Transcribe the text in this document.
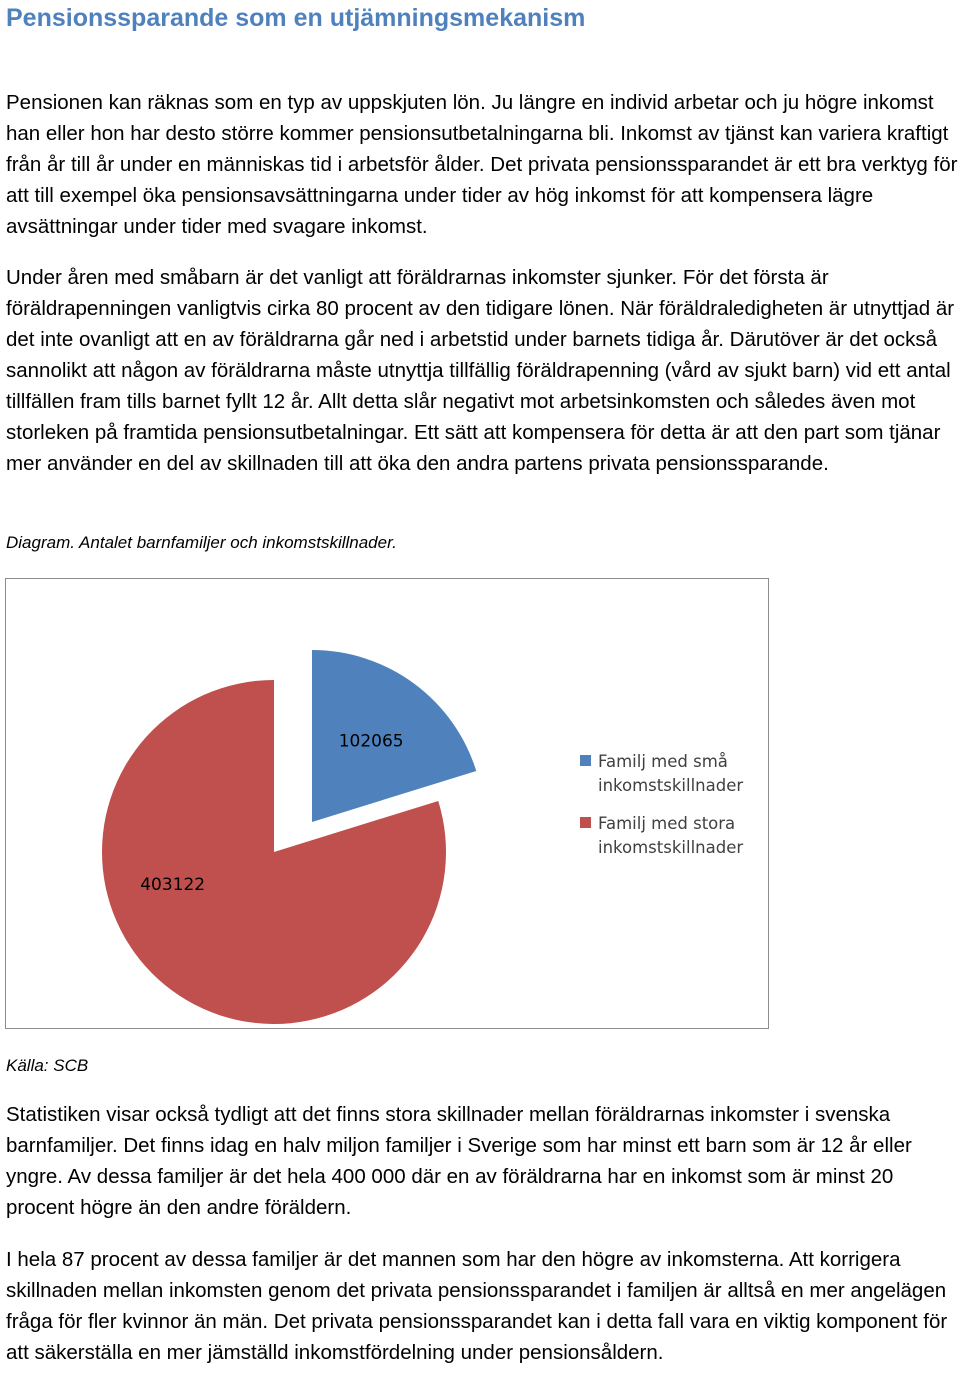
Pensionssparande som en utjämningsmekanism

Pensionen kan räknas som en typ av uppskjuten lön. Ju längre en individ arbetar och ju högre inkomst han eller hon har desto större kommer pensionsutbetalningarna bli. Inkomst av tjänst kan variera kraftigt från år till år under en människas tid i arbetsför ålder. Det privata pensionssparandet är ett bra verktyg för att till exempel öka pensionsavsättningarna under tider av hög inkomst för att kompensera lägre avsättningar under tider med svagare inkomst.

Under åren med småbarn är det vanligt att föräldrarnas inkomster sjunker. För det första är föräldrapenningen vanligtvis cirka 80 procent av den tidigare lönen. När föräldraledigheten är utnyttjad är det inte ovanligt att en av föräldrarna går ned i arbetstid under barnets tidiga år. Därutöver är det också sannolikt att någon av föräldrarna måste utnyttja tillfällig föräldrapenning (vård av sjukt barn) vid ett antal tillfällen fram tills barnet fyllt 12 år. Allt detta slår negativt mot arbetsinkomsten och således även mot storleken på framtida pensionsutbetalningar. Ett sätt att kompensera för detta är att den part som tjänar mer använder en del av skillnaden till att öka den andra partens privata pensionssparande.

Diagram. Antalet barnfamiljer och inkomstskillnader.

102065
403122
Familj med små inkomstskillnader
Familj med stora inkomstskillnader

Källa: SCB

Statistiken visar också tydligt att det finns stora skillnader mellan föräldrarnas inkomster i svenska barnfamiljer. Det finns idag en halv miljon familjer i Sverige som har minst ett barn som är 12 år eller yngre. Av dessa familjer är det hela 400 000 där en av föräldrarna har en inkomst som är minst 20 procent högre än den andre föräldern.

I hela 87 procent av dessa familjer är det mannen som har den högre av inkomsterna. Att korrigera skillnaden mellan inkomsten genom det privata pensionssparandet i familjen är alltså en mer angelägen fråga för fler kvinnor än män. Det privata pensionssparandet kan i detta fall vara en viktig komponent för att säkerställa en mer jämställd inkomstfördelning under pensionsåldern.
